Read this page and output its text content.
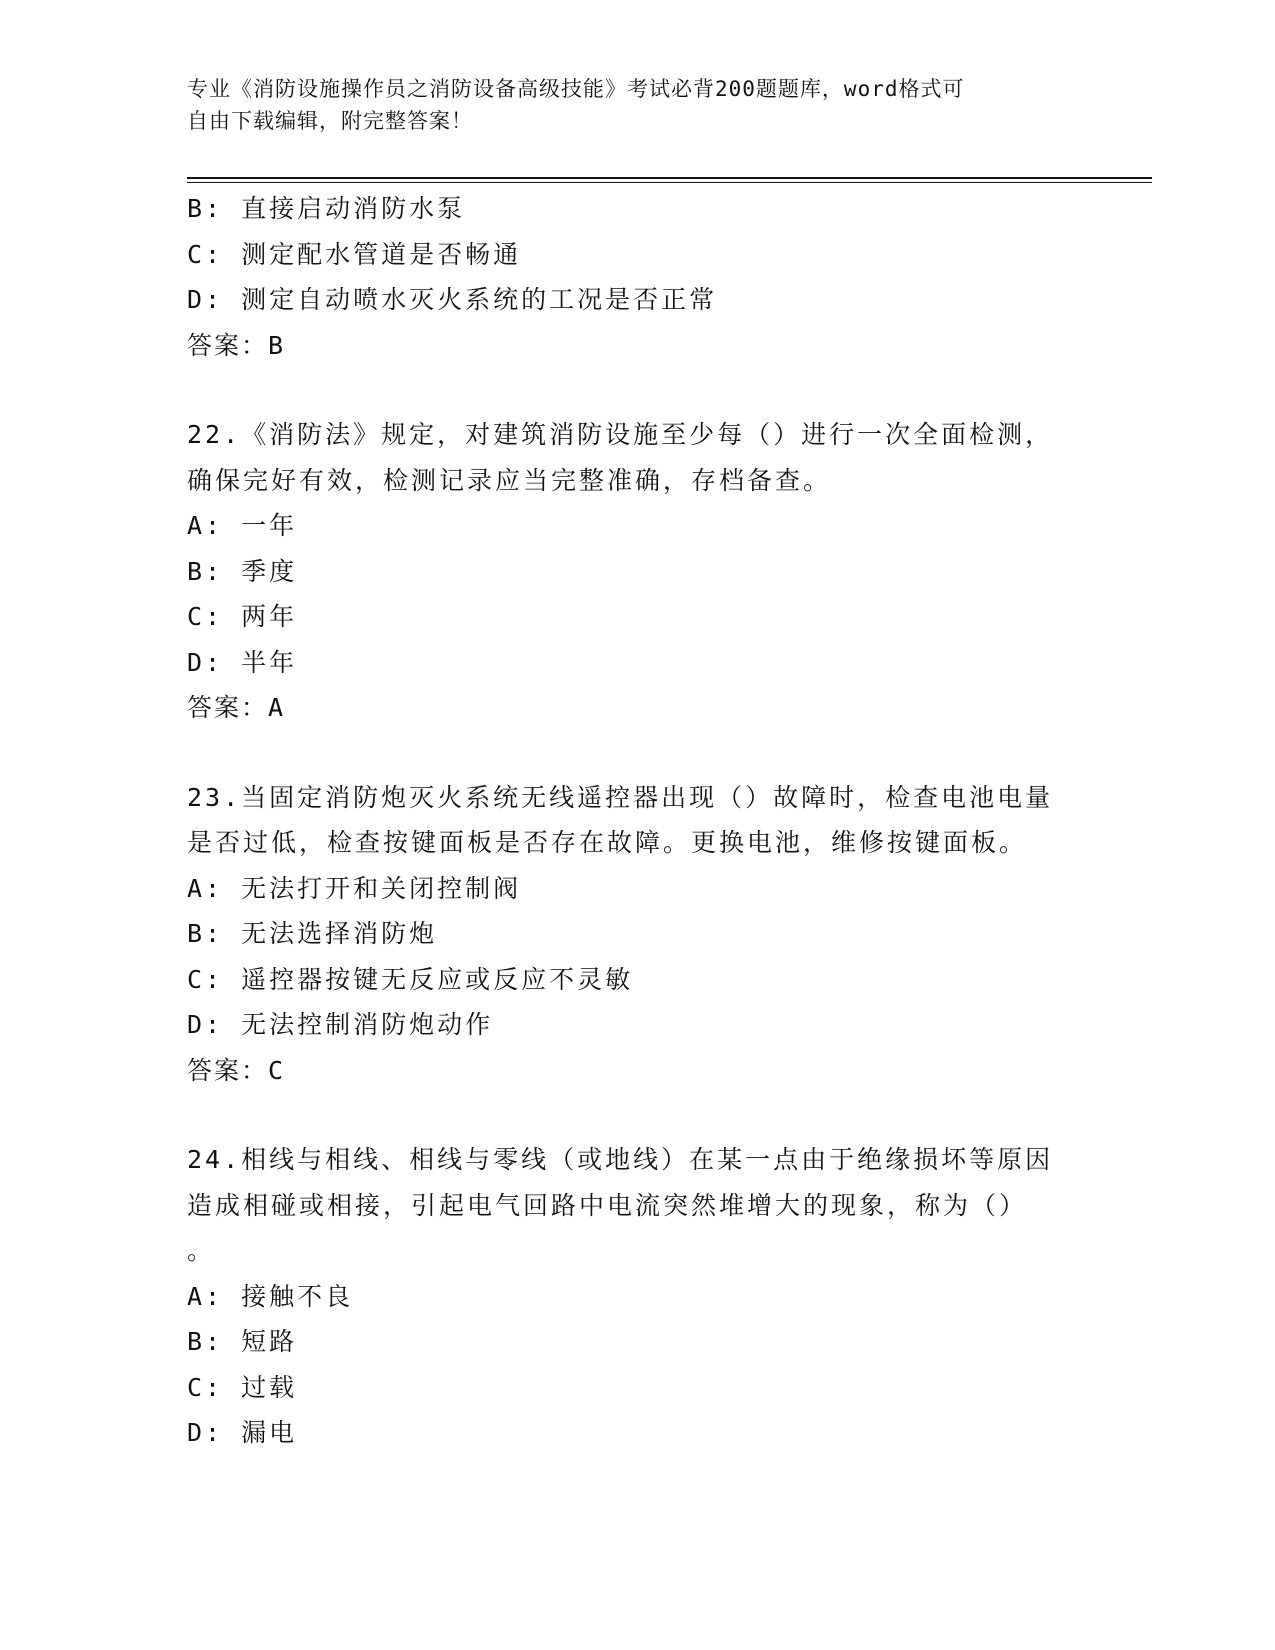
专业《消防设施操作员之消防设备高级技能》考试必背200题题库，word格式可
自由下载编辑，附完整答案！
B: 直接启动消防水泵
C: 测定配水管道是否畅通
D: 测定自动喷水灭火系统的工况是否正常
答案：B
22.《消防法》规定，对建筑消防设施至少每（）进行一次全面检测，
确保完好有效，检测记录应当完整准确，存档备查。
A: 一年
B: 季度
C: 两年
D: 半年
答案：A
23.当固定消防炮灭火系统无线遥控器出现（）故障时，检查电池电量
是否过低，检查按键面板是否存在故障。更换电池，维修按键面板。
A: 无法打开和关闭控制阀
B: 无法选择消防炮
C: 遥控器按键无反应或反应不灵敏
D: 无法控制消防炮动作
答案：C
24.相线与相线、相线与零线（或地线）在某一点由于绝缘损坏等原因
造成相碰或相接，引起电气回路中电流突然堆增大的现象，称为（）
。
A: 接触不良
B: 短路
C: 过载
D: 漏电
